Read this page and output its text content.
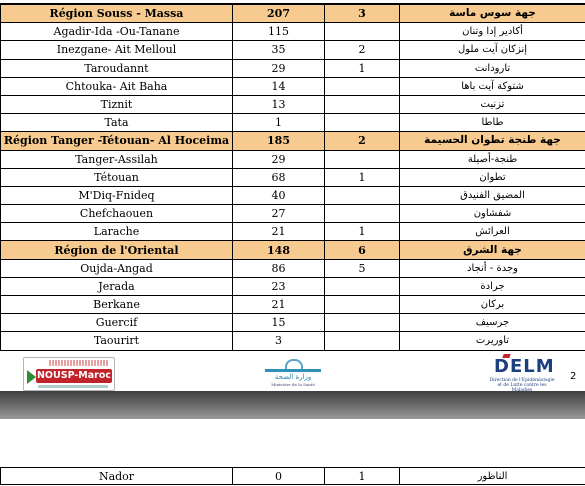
Région Souss - Massa	207	3	جهة سوس ماسة
Agadir-Ida -Ou-Tanane	115		أكادير إدا وتنان
Inezgane- Ait Melloul	35	2	إنزكان آيت ملول
Taroudannt	29	1	تارودانت
Chtouka- Ait Baha	14		شتوكة آيت باها
Tiznit	13		تزنيت
Tata	1		طاطا
Région Tanger -Tétouan- Al Hoceima	185	2	جهة طنجة تطوان الحسيمة
Tanger-Assilah	29		طنجة-أصيلة
Tétouan	68	1	تطوان
M'Diq-Fnideq	40		المضيق الفنيدق
Chefchaouen	27		شفشاون
Larache	21	1	العرائش
Région de l'Oriental	148	6	جهة الشرق
Oujda-Angad	86	5	وجدة - أنجاد
Jerada	23		جرادة
Berkane	21		بركان
Guercif	15		جرسيف
Taourirt	3		تاوريرت
NOUSP-Maroc	وزارة الصحة
Ministère de la Santé
DELM
Direction de l'Epidémiologie et de Lutte contre les
2
Nador	0	1	الناظور
